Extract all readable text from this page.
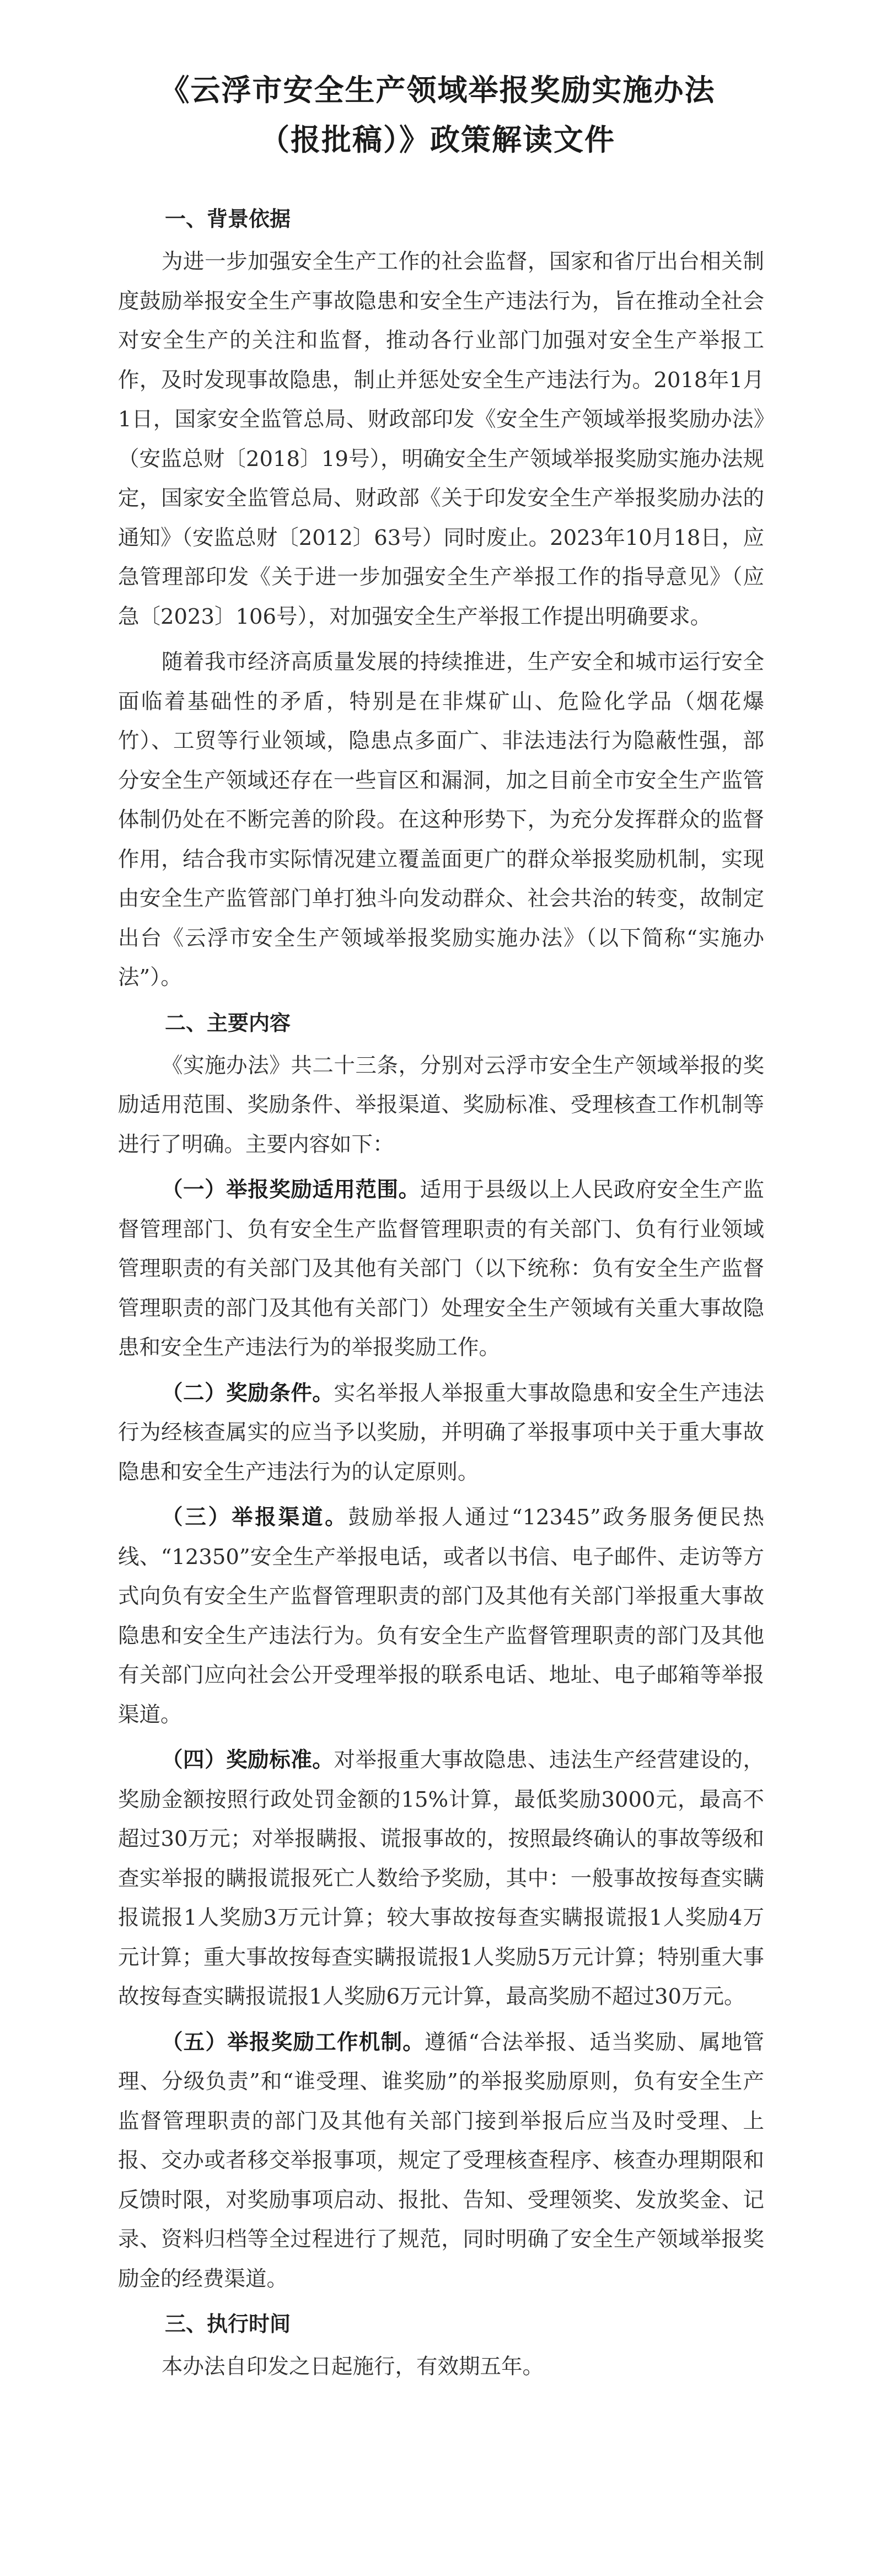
《云浮市安全生产领域举报奖励实施办法
（报批稿）》政策解读文件
一、背景依据

为进一步加强安全生产工作的社会监督，国家和省厅出台相关制度鼓励举报安全生产事故隐患和安全生产违法行为，旨在推动全社会对安全生产的关注和监督，推动各行业部门加强对安全生产举报工作，及时发现事故隐患，制止并惩处安全生产违法行为。2018年1月1日，国家安全监管总局、财政部印发《安全生产领域举报奖励办法》（安监总财〔2018〕19号），明确安全生产领域举报奖励实施办法规定，国家安全监管总局、财政部《关于印发安全生产举报奖励办法的通知》（安监总财〔2012〕63号）同时废止。2023年10月18日，应急管理部印发《关于进一步加强安全生产举报工作的指导意见》（应急〔2023〕106号），对加强安全生产举报工作提出明确要求。

随着我市经济高质量发展的持续推进，生产安全和城市运行安全面临着基础性的矛盾，特别是在非煤矿山、危险化学品（烟花爆竹）、工贸等行业领域，隐患点多面广、非法违法行为隐蔽性强，部分安全生产领域还存在一些盲区和漏洞，加之目前全市安全生产监管体制仍处在不断完善的阶段。在这种形势下，为充分发挥群众的监督作用，结合我市实际情况建立覆盖面更广的群众举报奖励机制，实现由安全生产监管部门单打独斗向发动群众、社会共治的转变，故制定出台《云浮市安全生产领域举报奖励实施办法》（以下简称“实施办法”）。

二、主要内容

《实施办法》共二十三条，分别对云浮市安全生产领域举报的奖励适用范围、奖励条件、举报渠道、奖励标准、受理核查工作机制等进行了明确。主要内容如下：

（一）举报奖励适用范围。适用于县级以上人民政府安全生产监督管理部门、负有安全生产监督管理职责的有关部门、负有行业领域管理职责的有关部门及其他有关部门（以下统称：负有安全生产监督管理职责的部门及其他有关部门）处理安全生产领域有关重大事故隐患和安全生产违法行为的举报奖励工作。

（二）奖励条件。实名举报人举报重大事故隐患和安全生产违法行为经核查属实的应当予以奖励，并明确了举报事项中关于重大事故隐患和安全生产违法行为的认定原则。

（三）举报渠道。鼓励举报人通过“12345”政务服务便民热线、“12350”安全生产举报电话，或者以书信、电子邮件、走访等方式向负有安全生产监督管理职责的部门及其他有关部门举报重大事故隐患和安全生产违法行为。负有安全生产监督管理职责的部门及其他有关部门应向社会公开受理举报的联系电话、地址、电子邮箱等举报渠道。

（四）奖励标准。对举报重大事故隐患、违法生产经营建设的，奖励金额按照行政处罚金额的15%计算，最低奖励3000元，最高不超过30万元；对举报瞒报、谎报事故的，按照最终确认的事故等级和查实举报的瞒报谎报死亡人数给予奖励，其中：一般事故按每查实瞒报谎报1人奖励3万元计算；较大事故按每查实瞒报谎报1人奖励4万元计算；重大事故按每查实瞒报谎报1人奖励5万元计算；特别重大事故按每查实瞒报谎报1人奖励6万元计算，最高奖励不超过30万元。

（五）举报奖励工作机制。遵循“合法举报、适当奖励、属地管理、分级负责”和“谁受理、谁奖励”的举报奖励原则，负有安全生产监督管理职责的部门及其他有关部门接到举报后应当及时受理、上报、交办或者移交举报事项，规定了受理核查程序、核查办理期限和反馈时限，对奖励事项启动、报批、告知、受理领奖、发放奖金、记录、资料归档等全过程进行了规范，同时明确了安全生产领域举报奖励金的经费渠道。

三、执行时间

本办法自印发之日起施行，有效期五年。
